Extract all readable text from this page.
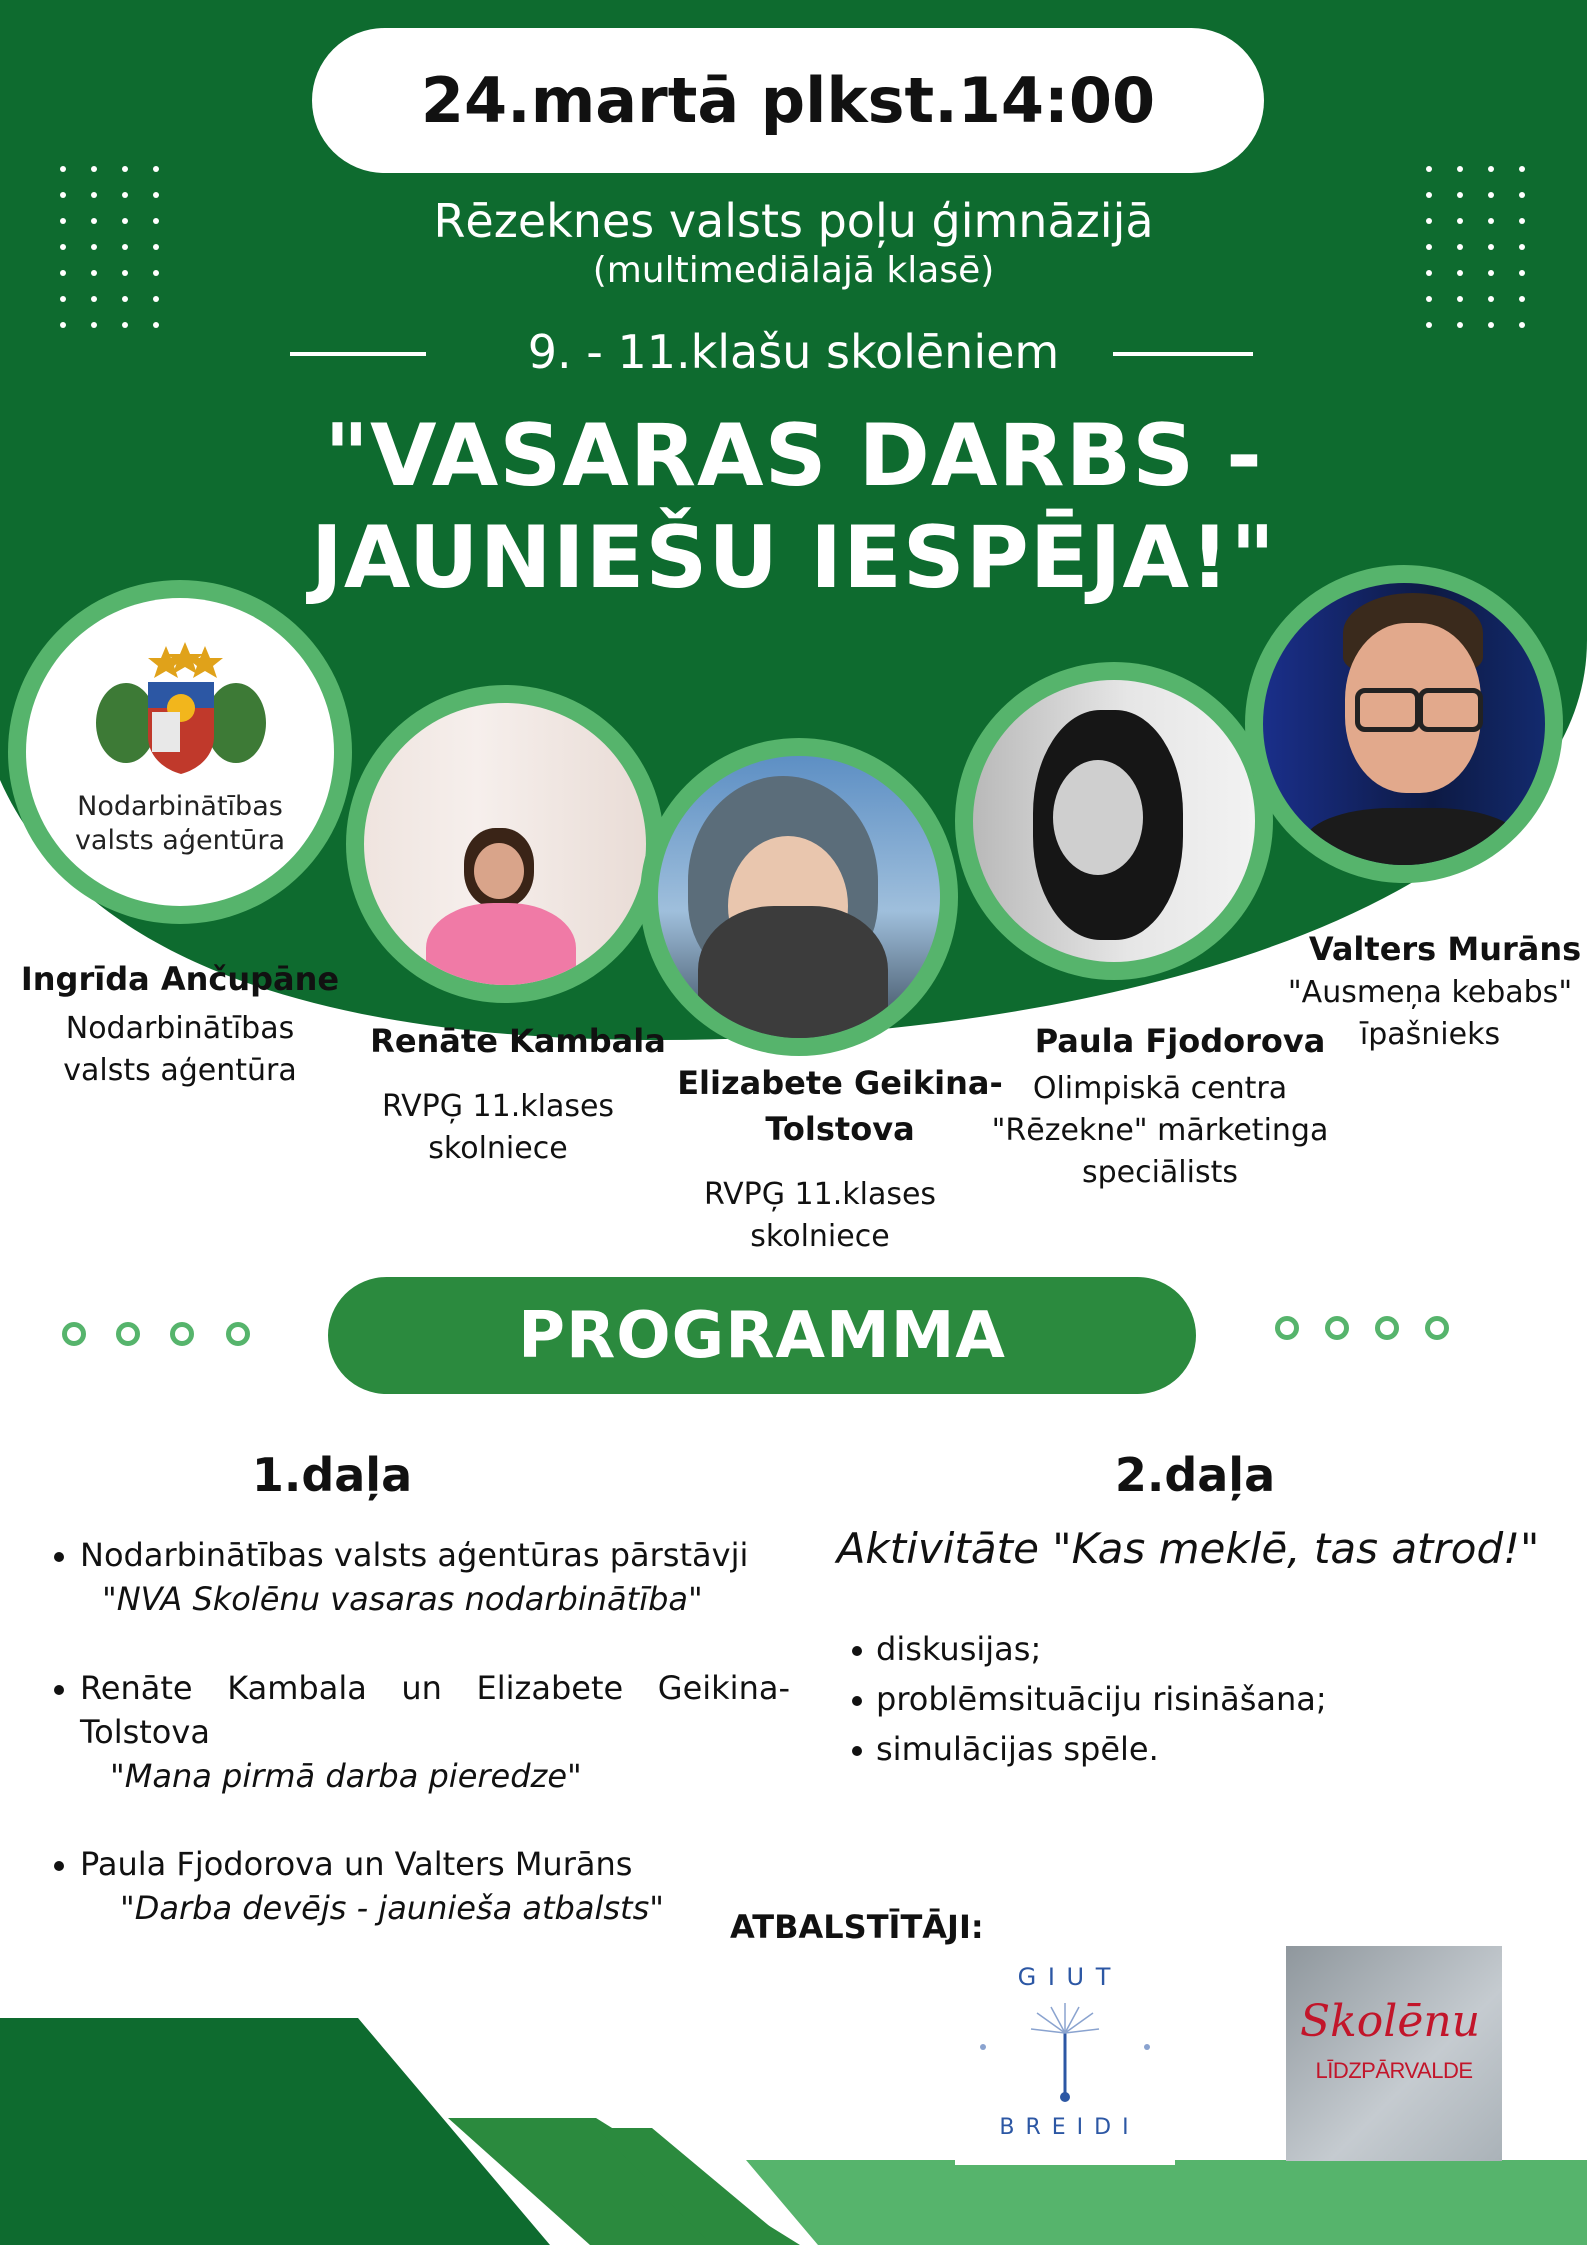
24.martā plkst.14:00
Rēzeknes valsts poļu ģimnāzijā
(multimediālajā klasē)
9. - 11.klašu skolēniem
"VASARAS DARBS -
JAUNIEŠU IESPĒJA!"
Nodarbinātības
valsts aģentūra
Ingrīda Ančupāne
Nodarbinātības
valsts aģentūra
Renāte Kambala
RVPĢ 11.klases
skolniece
Elizabete Geikina-
Tolstova
RVPĢ 11.klases
skolniece
Paula Fjodorova
Olimpiskā centra
"Rēzekne" mārketinga
speciālists
Valters Murāns
"Ausmeņa kebabs"
īpašnieks
PROGRAMMA
1.daļa
Nodarbinātības valsts aģentūras pārstāvji
"NVA Skolēnu vasaras nodarbinātība"
Renāte Kambala un Elizabete Geikina-
Tolstova
"Mana pirmā darba pieredze"
Paula Fjodorova un Valters Murāns
"Darba devējs - jaunieša atbalsts"
2.daļa
Aktivitāte "Kas meklē, tas atrod!"
diskusijas;
problēmsituāciju risināšana;
simulācijas spēle.
ATBALSTĪTĀJI:
G I U T
B R E I D I
Skolēnu
LĪDZPĀRVALDE
